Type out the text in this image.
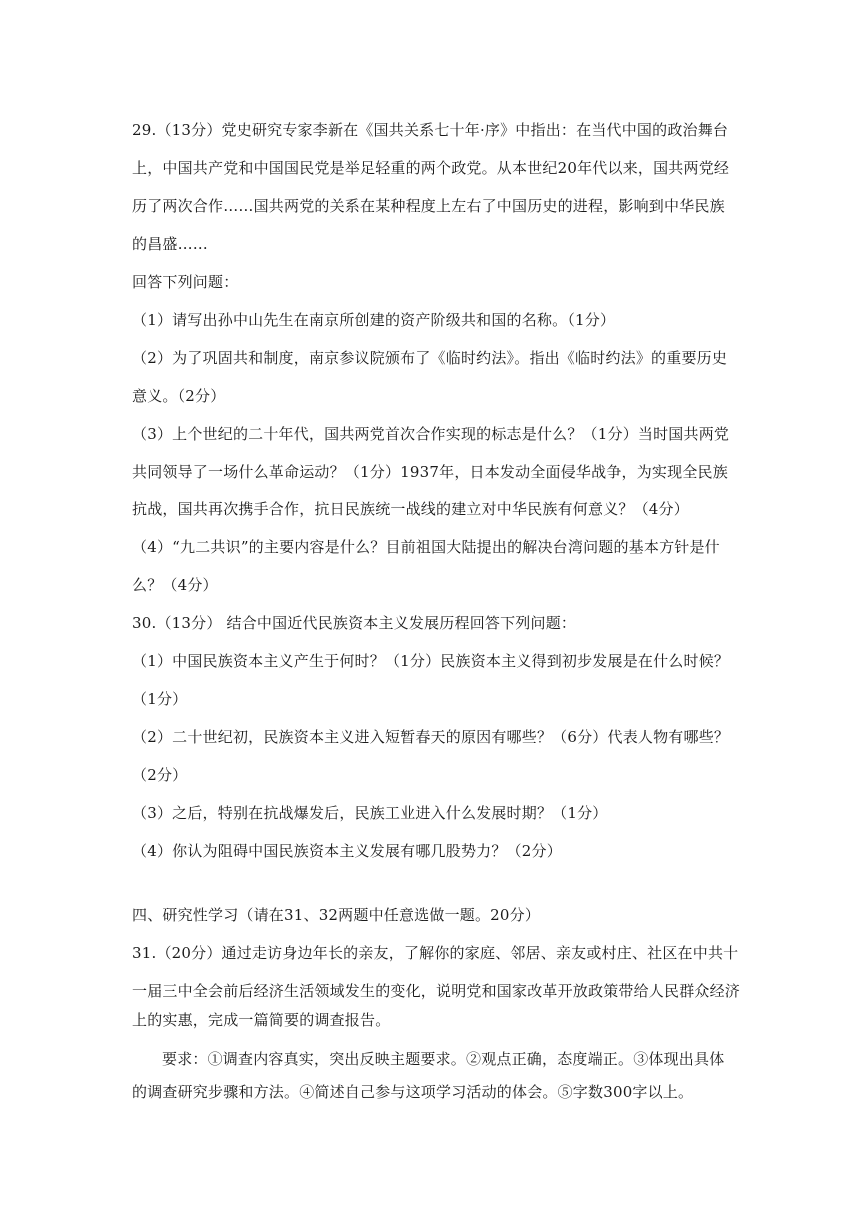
29.（13分）党史研究专家李新在《国共关系七十年·序》中指出：在当代中国的政治舞台
上，中国共产党和中国国民党是举足轻重的两个政党。从本世纪20年代以来，国共两党经
历了两次合作……国共两党的关系在某种程度上左右了中国历史的进程，影响到中华民族
的昌盛……
回答下列问题：
（1）请写出孙中山先生在南京所创建的资产阶级共和国的名称。（1分）
（2）为了巩固共和制度，南京参议院颁布了《临时约法》。指出《临时约法》的重要历史
意义。（2分）
（3）上个世纪的二十年代，国共两党首次合作实现的标志是什么？（1分）当时国共两党
共同领导了一场什么革命运动？（1分）1937年，日本发动全面侵华战争，为实现全民族
抗战，国共再次携手合作，抗日民族统一战线的建立对中华民族有何意义？（4分）
（4）“九二共识”的主要内容是什么？目前祖国大陆提出的解决台湾问题的基本方针是什
么？（4分）
30.（13分） 结合中国近代民族资本主义发展历程回答下列问题：
（1）中国民族资本主义产生于何时？（1分）民族资本主义得到初步发展是在什么时候？
（1分）
（2）二十世纪初，民族资本主义进入短暂春天的原因有哪些？（6分）代表人物有哪些？
（2分）
（3）之后，特别在抗战爆发后，民族工业进入什么发展时期？（1分）
（4）你认为阻碍中国民族资本主义发展有哪几股势力？（2分）
四、研究性学习（请在31、32两题中任意选做一题。20分）
31.（20分）通过走访身边年长的亲友，了解你的家庭、邻居、亲友或村庄、社区在中共十
一届三中全会前后经济生活领域发生的变化，说明党和国家改革开放政策带给人民群众经济
上的实惠，完成一篇简要的调查报告。
要求：①调查内容真实，突出反映主题要求。②观点正确，态度端正。③体现出具体
的调查研究步骤和方法。④简述自己参与这项学习活动的体会。⑤字数300字以上。
